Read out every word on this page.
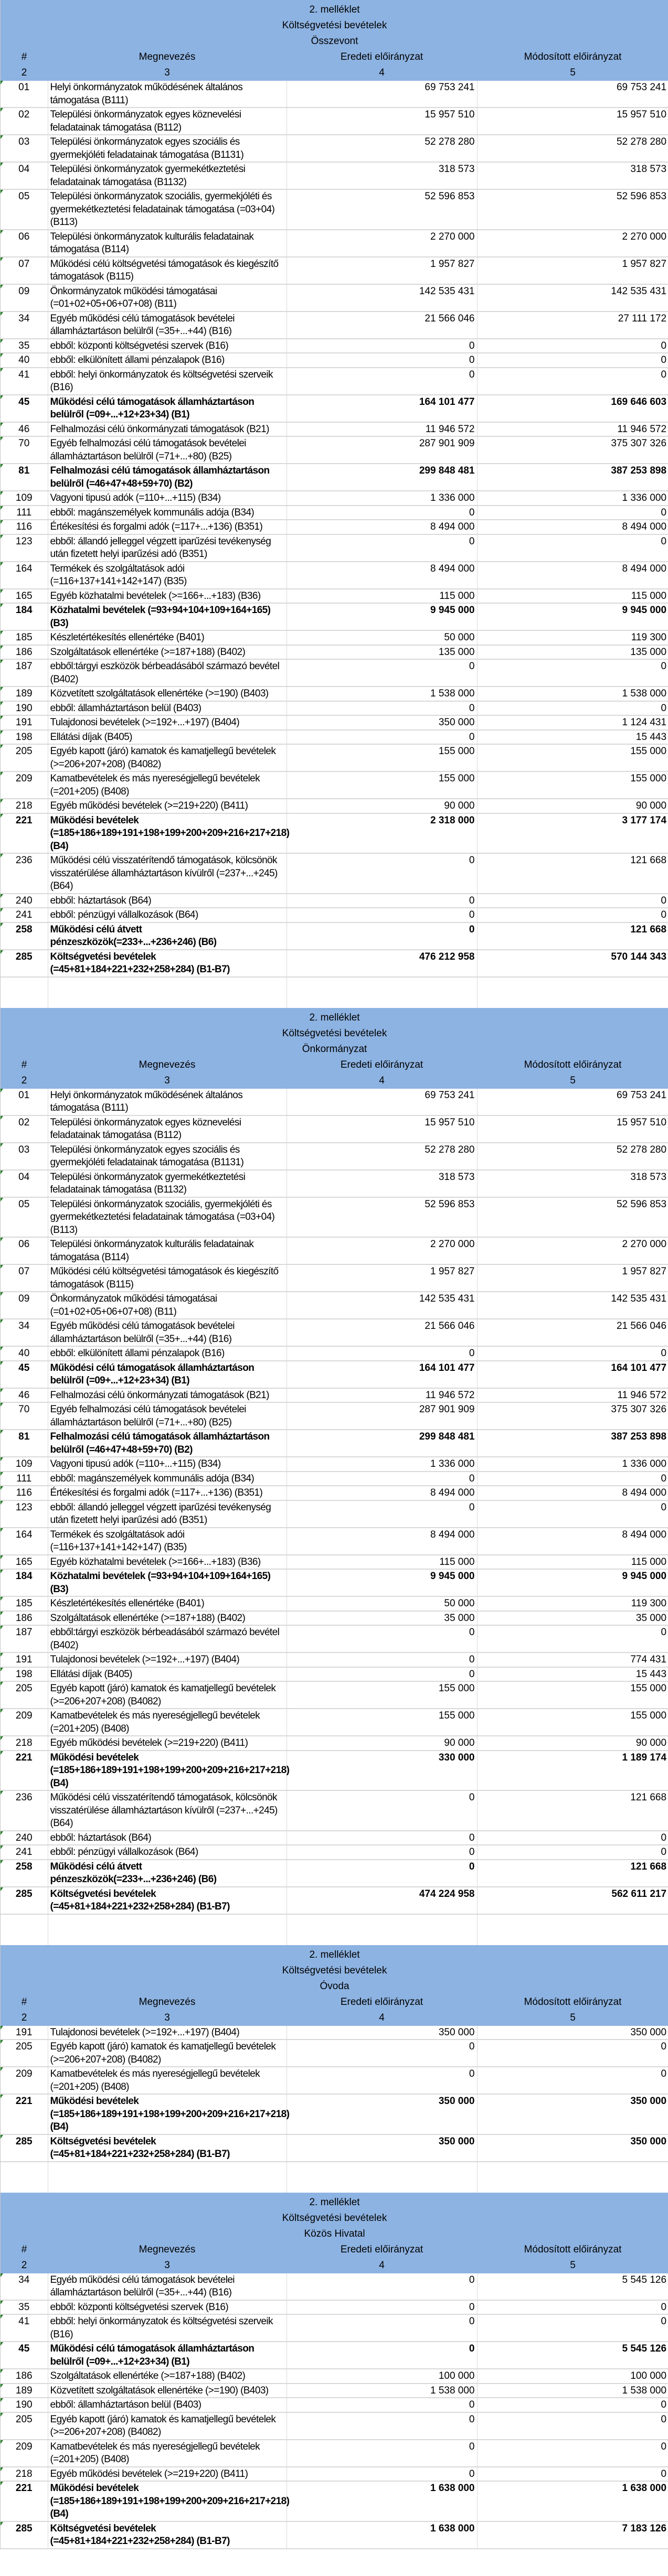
2. melléklet			
Költségvetési bevételek			
Összevont			
#	Megnevezés	Eredeti előirányzat	Módosított előirányzat
2	3	4	5

01	Helyi önkormányzatok működésének általános támogatása (B111)	69 753 241	69 753 241

02	Települési önkormányzatok egyes köznevelési feladatainak támogatása (B112)	15 957 510	15 957 510

03	Települési önkormányzatok egyes szociális és gyermekjóléti feladatainak támogatása (B1131)	52 278 280	52 278 280

04	Települési önkormányzatok gyermekétkeztetési feladatainak támogatása (B1132)	318 573	318 573

05	Települési önkormányzatok szociális, gyermekjóléti és gyermekétkeztetési feladatainak támogatása (=03+04) (B113)	52 596 853	52 596 853

06	Települési önkormányzatok kulturális feladatainak támogatása (B114)	2 270 000	2 270 000

07	Működési célú költségvetési támogatások és kiegészítő támogatások (B115)	1 957 827	1 957 827

09	Önkormányzatok működési támogatásai (=01+02+05+06+07+08) (B11)	142 535 431	142 535 431

34	Egyéb működési célú támogatások bevételei államháztartáson belülről (=35+...+44) (B16)	21 566 046	27 111 172

35	ebből: központi költségvetési szervek (B16)	0	0

40	ebből: elkülönített állami pénzalapok (B16)	0	0

41	ebből: helyi önkormányzatok és költségvetési szerveik (B16)	0	0

45	Működési célú támogatások államháztartáson belülről (=09+...+12+23+34) (B1)	164 101 477	169 646 603

46	Felhalmozási célú önkormányzati támogatások (B21)	11 946 572	11 946 572

70	Egyéb felhalmozási célú támogatások bevételei államháztartáson belülről (=71+...+80) (B25)	287 901 909	375 307 326

81	Felhalmozási célú támogatások államháztartáson belülről (=46+47+48+59+70) (B2)	299 848 481	387 253 898

109	Vagyoni tipusú adók (=110+...+115) (B34)	1 336 000	1 336 000

111	ebből: magánszemélyek kommunális adója (B34)	0	0

116	Értékesítési és forgalmi adók (=117+...+136) (B351)	8 494 000	8 494 000

123	ebből: állandó jelleggel végzett iparűzési tevékenység után fizetett helyi iparűzési adó (B351)	0	0

164	Termékek és szolgáltatások adói (=116+137+141+142+147) (B35)	8 494 000	8 494 000

165	Egyéb közhatalmi bevételek (>=166+...+183) (B36)	115 000	115 000

184	Közhatalmi bevételek (=93+94+104+109+164+165) (B3)	9 945 000	9 945 000

185	Készletértékesítés ellenértéke (B401)	50 000	119 300

186	Szolgáltatások ellenértéke (>=187+188) (B402)	135 000	135 000

187	ebből:tárgyi eszközök bérbeadásából származó bevétel (B402)	0	0

189	Közvetített szolgáltatások ellenértéke (>=190) (B403)	1 538 000	1 538 000

190	ebből: államháztartáson belül (B403)	0	0

191	Tulajdonosi bevételek (>=192+...+197) (B404)	350 000	1 124 431

198	Ellátási díjak (B405)	0	15 443

205	Egyéb kapott (járó) kamatok és kamatjellegű bevételek (>=206+207+208) (B4082)	155 000	155 000

209	Kamatbevételek és más nyereségjellegű bevételek (=201+205) (B408)	155 000	155 000

218	Egyéb működési bevételek (>=219+220) (B411)	90 000	90 000

221	Működési bevételek (=185+186+189+191+198+199+200+209+216+217+218) (B4)	2 318 000	3 177 174

236	Működési célú visszatérítendő támogatások, kölcsönök visszatérülése államháztartáson kívülről (=237+...+245) (B64)	0	121 668

240	ebből: háztartások (B64)	0	0

241	ebből: pénzügyi vállalkozások (B64)	0	0

258	Működési célú átvett pénzeszközök(=233+...+236+246) (B6)	0	121 668

285	Költségvetési bevételek (=45+81+184+221+232+258+284) (B1-B7)	476 212 958	570 144 343

2. melléklet			
Költségvetési bevételek			
Önkormányzat			
#	Megnevezés	Eredeti előirányzat	Módosított előirányzat
2	3	4	5

01	Helyi önkormányzatok működésének általános támogatása (B111)	69 753 241	69 753 241

02	Települési önkormányzatok egyes köznevelési feladatainak támogatása (B112)	15 957 510	15 957 510

03	Települési önkormányzatok egyes szociális és gyermekjóléti feladatainak támogatása (B1131)	52 278 280	52 278 280

04	Települési önkormányzatok gyermekétkeztetési feladatainak támogatása (B1132)	318 573	318 573

05	Települési önkormányzatok szociális, gyermekjóléti és gyermekétkeztetési feladatainak támogatása (=03+04) (B113)	52 596 853	52 596 853

06	Települési önkormányzatok kulturális feladatainak támogatása (B114)	2 270 000	2 270 000

07	Működési célú költségvetési támogatások és kiegészítő támogatások (B115)	1 957 827	1 957 827

09	Önkormányzatok működési támogatásai (=01+02+05+06+07+08) (B11)	142 535 431	142 535 431

34	Egyéb működési célú támogatások bevételei államháztartáson belülről (=35+...+44) (B16)	21 566 046	21 566 046

40	ebből: elkülönített állami pénzalapok (B16)	0	0

45	Működési célú támogatások államháztartáson belülről (=09+...+12+23+34) (B1)	164 101 477	164 101 477

46	Felhalmozási célú önkormányzati támogatások (B21)	11 946 572	11 946 572

70	Egyéb felhalmozási célú támogatások bevételei államháztartáson belülről (=71+...+80) (B25)	287 901 909	375 307 326

81	Felhalmozási célú támogatások államháztartáson belülről (=46+47+48+59+70) (B2)	299 848 481	387 253 898

109	Vagyoni tipusú adók (=110+...+115) (B34)	1 336 000	1 336 000

111	ebből: magánszemélyek kommunális adója (B34)	0	0

116	Értékesítési és forgalmi adók (=117+...+136) (B351)	8 494 000	8 494 000

123	ebből: állandó jelleggel végzett iparűzési tevékenység után fizetett helyi iparűzési adó (B351)	0	0

164	Termékek és szolgáltatások adói (=116+137+141+142+147) (B35)	8 494 000	8 494 000

165	Egyéb közhatalmi bevételek (>=166+...+183) (B36)	115 000	115 000

184	Közhatalmi bevételek (=93+94+104+109+164+165) (B3)	9 945 000	9 945 000

185	Készletértékesítés ellenértéke (B401)	50 000	119 300

186	Szolgáltatások ellenértéke (>=187+188) (B402)	35 000	35 000

187	ebből:tárgyi eszközök bérbeadásából származó bevétel (B402)	0	0

191	Tulajdonosi bevételek (>=192+...+197) (B404)	0	774 431

198	Ellátási díjak (B405)	0	15 443

205	Egyéb kapott (járó) kamatok és kamatjellegű bevételek (>=206+207+208) (B4082)	155 000	155 000

209	Kamatbevételek és más nyereségjellegű bevételek (=201+205) (B408)	155 000	155 000

218	Egyéb működési bevételek (>=219+220) (B411)	90 000	90 000

221	Működési bevételek (=185+186+189+191+198+199+200+209+216+217+218) (B4)	330 000	1 189 174

236	Működési célú visszatérítendő támogatások, kölcsönök visszatérülése államháztartáson kívülről (=237+...+245) (B64)	0	121 668

240	ebből: háztartások (B64)	0	0

241	ebből: pénzügyi vállalkozások (B64)	0	0

258	Működési célú átvett pénzeszközök(=233+...+236+246) (B6)	0	121 668

285	Költségvetési bevételek (=45+81+184+221+232+258+284) (B1-B7)	474 224 958	562 611 217

2. melléklet			
Költségvetési bevételek			
Óvoda			
#	Megnevezés	Eredeti előirányzat	Módosított előirányzat
2	3	4	5

191	Tulajdonosi bevételek (>=192+...+197) (B404)	350 000	350 000

205	Egyéb kapott (járó) kamatok és kamatjellegű bevételek (>=206+207+208) (B4082)	0	0

209	Kamatbevételek és más nyereségjellegű bevételek (=201+205) (B408)	0	0

221	Működési bevételek (=185+186+189+191+198+199+200+209+216+217+218) (B4)	350 000	350 000

285	Költségvetési bevételek (=45+81+184+221+232+258+284) (B1-B7)	350 000	350 000

2. melléklet			
Költségvetési bevételek			
Közös Hivatal			
#	Megnevezés	Eredeti előirányzat	Módosított előirányzat
2	3	4	5

34	Egyéb működési célú támogatások bevételei államháztartáson belülről (=35+...+44) (B16)	0	5 545 126

35	ebből: központi költségvetési szervek (B16)	0	0

41	ebből: helyi önkormányzatok és költségvetési szerveik (B16)	0	0

45	Működési célú támogatások államháztartáson belülről (=09+...+12+23+34) (B1)	0	5 545 126

186	Szolgáltatások ellenértéke (>=187+188) (B402)	100 000	100 000

189	Közvetített szolgáltatások ellenértéke (>=190) (B403)	1 538 000	1 538 000

190	ebből: államháztartáson belül (B403)	0	0

205	Egyéb kapott (járó) kamatok és kamatjellegű bevételek (>=206+207+208) (B4082)	0	0

209	Kamatbevételek és más nyereségjellegű bevételek (=201+205) (B408)	0	0

218	Egyéb működési bevételek (>=219+220) (B411)	0	0

221	Működési bevételek (=185+186+189+191+198+199+200+209+216+217+218) (B4)	1 638 000	1 638 000

285	Költségvetési bevételek (=45+81+184+221+232+258+284) (B1-B7)	1 638 000	7 183 126
